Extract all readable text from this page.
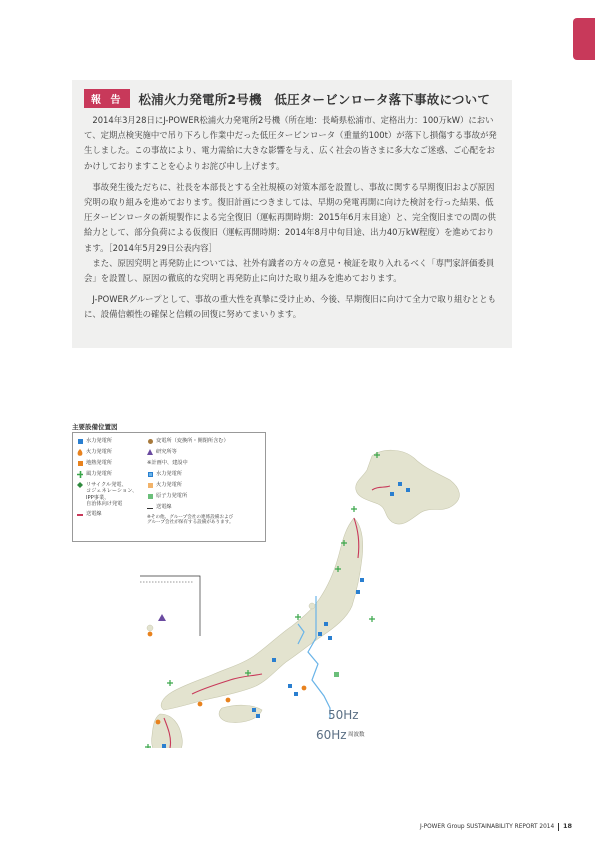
報 告	松浦火力発電所2号機　低圧タービンロータ落下事故について

2014年3月28日にJ-POWER松浦火力発電所2号機（所在地：長崎県松浦市、定格出力：100万kW）において、定期点検実施中で吊り下ろし作業中だった低圧タービンロータ（重量約100t）が落下し損傷する事故が発生しました。この事故により、電力需給に大きな影響を与え、広く社会の皆さまに多大なご迷惑、ご心配をおかけしておりますことを心よりお詫び申し上げます。

事故発生後ただちに、社長を本部長とする全社規模の対策本部を設置し、事故に関する早期復旧および原因究明の取り組みを進めております。復旧計画につきましては、早期の発電再開に向けた検討を行った結果、低圧タービンロータの新規製作による完全復旧（運転再開時期：2015年6月末目途）と、完全復旧までの間の供給力として、部分負荷による仮復旧（運転再開時期：2014年8月中旬目途、出力40万kW程度）を進めております。［2014年5月29日公表内容］

また、原因究明と再発防止については、社外有識者の方々の意見・検証を取り入れるべく「専門家評価委員会」を設置し、原因の徹底的な究明と再発防止に向けた取り組みを進めております。

J-POWERグループとして、事故の重大性を真摯に受け止め、今後、早期復旧に向けて全力で取り組むとともに、設備信頼性の確保と信頼の回復に努めてまいります。

主要設備位置図
水力発電所
火力発電所
地熱発電所
風力発電所
リサイクル発電、
コジェネレーション、
IPP事業、
自治体向け発電
送電線
変電所（変換所・開閉所含む）
研究所等
※計画中、建設中
水力発電所
火力発電所
原子力発電所
送電線
※その他、グループ会社の連係設備および
グループ会社が保有する設備があります。
50Hz
60Hz 周波数
J-POWER Group SUSTAINABILITY REPORT 2014 18
